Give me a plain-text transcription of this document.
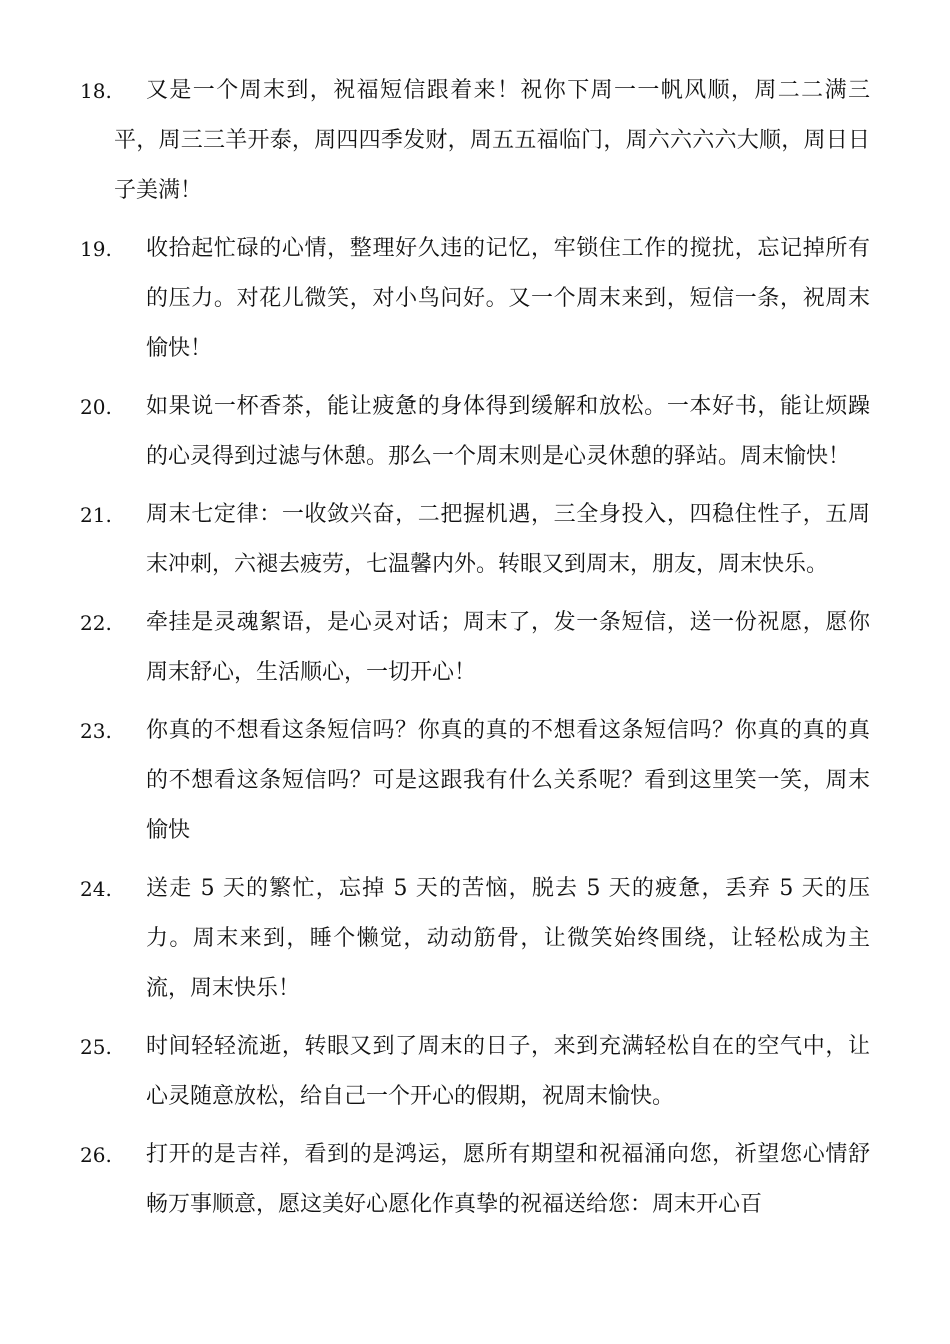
18.	又是一个周末到，祝福短信跟着来！祝你下周一一帆风顺，周二二满三平，周三三羊开泰，周四四季发财，周五五福临门，周六六六六大顺，周日日子美满！
19.	收拾起忙碌的心情，整理好久违的记忆，牢锁住工作的搅扰，忘记掉所有的压力。对花儿微笑，对小鸟问好。又一个周末来到，短信一条，祝周末愉快！
20.	如果说一杯香茶，能让疲惫的身体得到缓解和放松。一本好书，能让烦躁的心灵得到过滤与休憩。那么一个周末则是心灵休憩的驿站。周末愉快！
21.	周末七定律：一收敛兴奋，二把握机遇，三全身投入，四稳住性子，五周末冲刺，六褪去疲劳，七温馨内外。转眼又到周末，朋友，周末快乐。
22.	牵挂是灵魂絮语，是心灵对话；周末了，发一条短信，送一份祝愿，愿你周末舒心，生活顺心，一切开心！
23.	你真的不想看这条短信吗？你真的真的不想看这条短信吗？你真的真的真的不想看这条短信吗？可是这跟我有什么关系呢？看到这里笑一笑，周末愉快
24.	送走 5 天的繁忙，忘掉 5 天的苦恼，脱去 5 天的疲惫，丢弃 5 天的压力。周末来到，睡个懒觉，动动筋骨，让微笑始终围绕，让轻松成为主流，周末快乐！
25.	时间轻轻流逝，转眼又到了周末的日子，来到充满轻松自在的空气中，让心灵随意放松，给自己一个开心的假期，祝周末愉快。
26.	打开的是吉祥，看到的是鸿运，愿所有期望和祝福涌向您，祈望您心情舒畅万事顺意，愿这美好心愿化作真挚的祝福送给您：周末开心百
